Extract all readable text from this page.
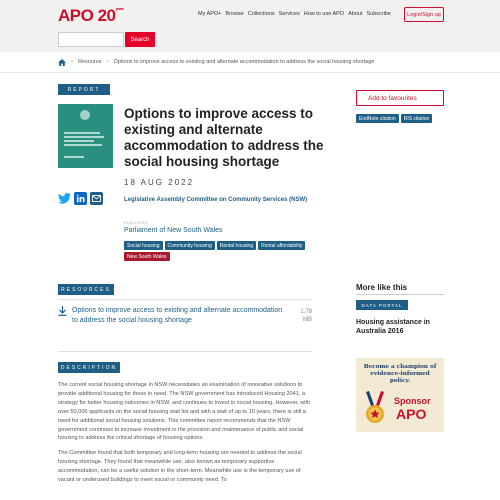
APO $20^{years}$
My APO+ Browse Collections Services How to use APO About Subscribe	Login/Sign up
Search
› Resource › Options to improve access to existing and alternate accommodation to address the social housing shortage
REPORT
Options to improve access to existing and alternate accommodation to address the social housing shortage
18 AUG 2022
Legislative Assembly Committee on Community Services (NSW)
PUBLISHER
Parliament of New South Wales
Social housing	Community housing	Rental housing	Rental affordability
New South Wales
Add to favourites
EndNote citation	RIS citation
RESOURCES
Options to improve access to existing and alternate accommodation to address the social housing shortage
1.78
MB
DESCRIPTION

The current social housing shortage in NSW necessitates an examination of innovative solutions to provide additional housing for those in need. The NSW government has introduced Housing 2041, a strategy for better housing outcomes in NSW, and continues to invest in social housing. However, with over 50,000 applicants on the social housing wait list and with a wait of up to 10 years, there is still a need for additional social housing solutions. This committee report recommends that the NSW government continues to increase investment in the provision and maintenance of public and social housing to address the critical shortage of housing options.

The Committee found that both temporary and long-term housing are needed to address the social housing shortage. They found that meanwhile use, also known as temporary supportive accommodation, can be a useful solution in the short-term. Meanwhile use is the temporary use of vacant or underused buildings to meet social or community need. To

More like this
DATA PORTAL
Housing assistance in Australia 2016
Become a champion of evidence-informed policy.
Sponsor
APO
